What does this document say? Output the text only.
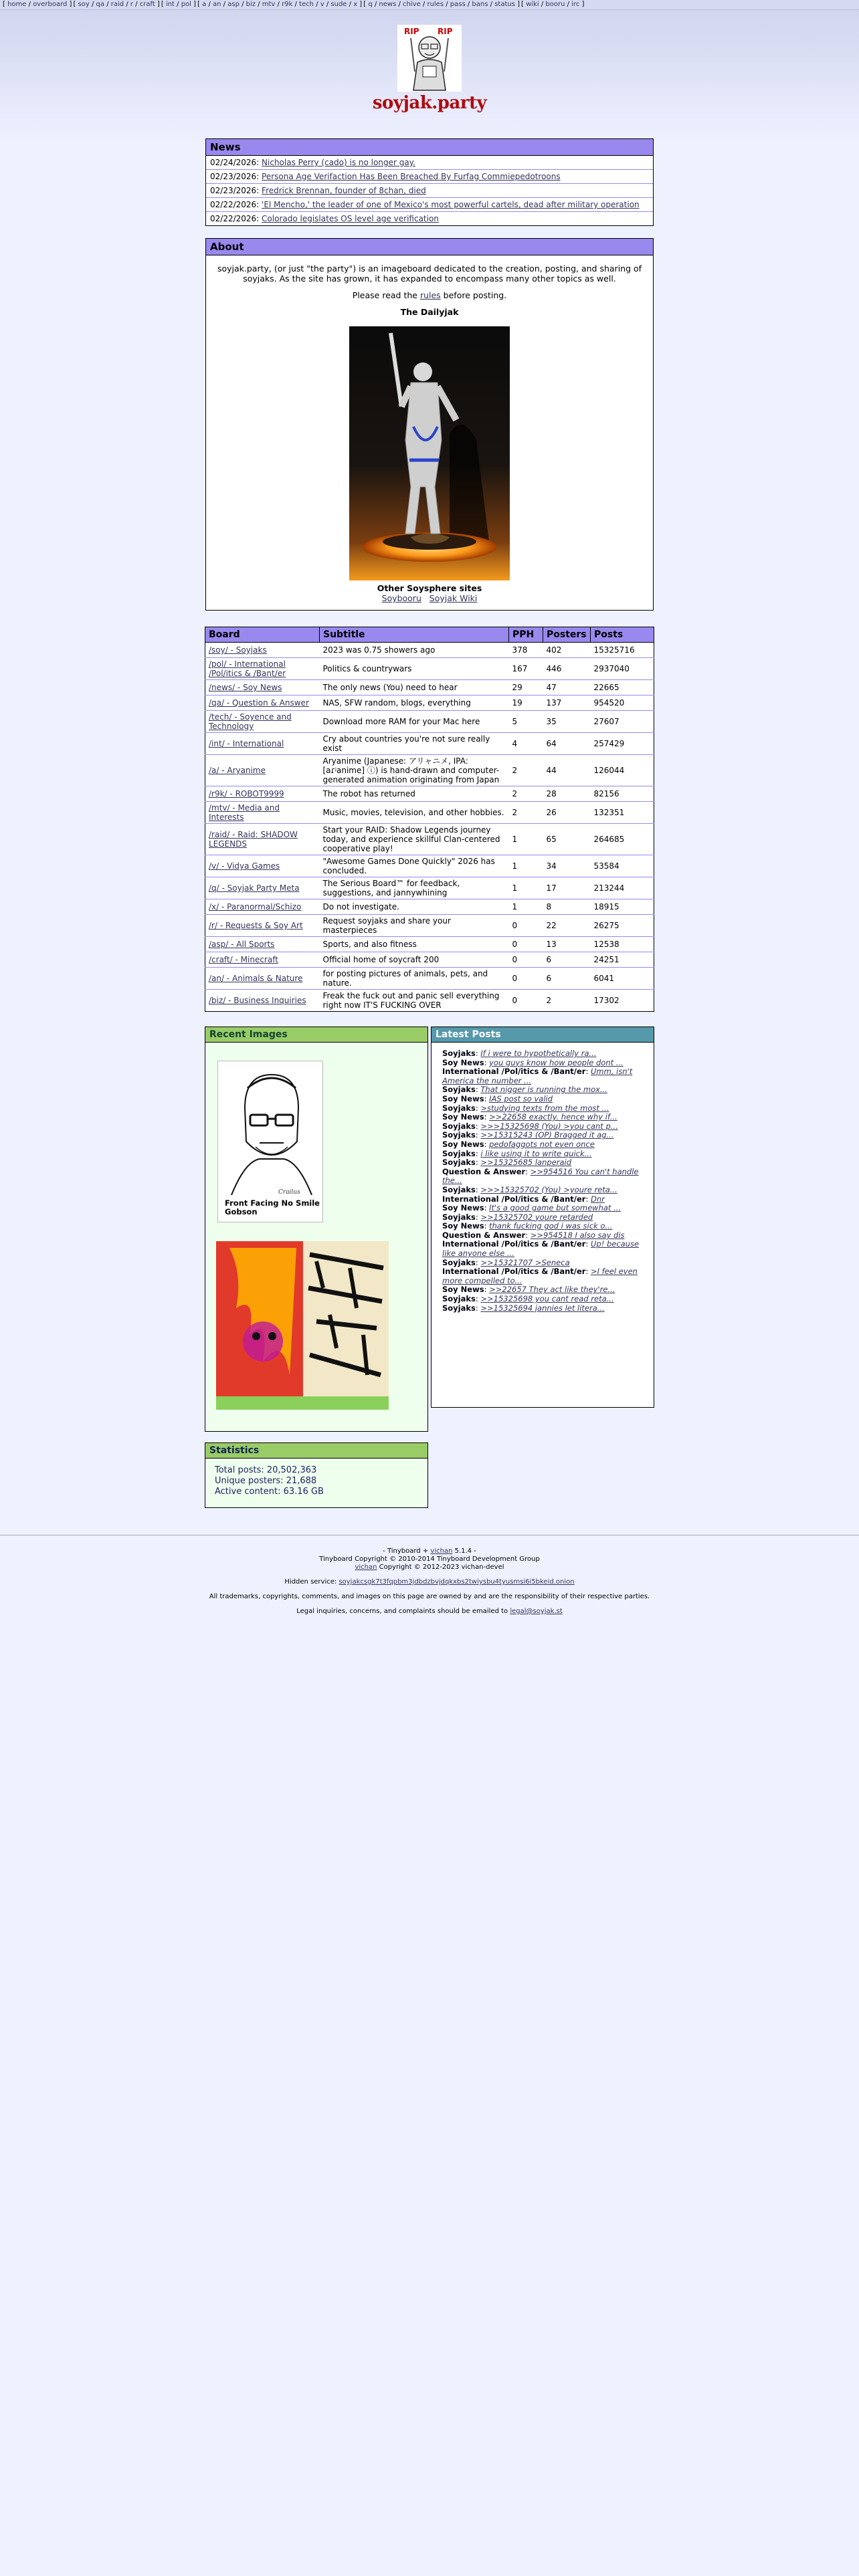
[ home / overboard ] [ soy / qa / raid / r / craft ] [ int / pol ] [ a / an / asp / biz / mtv / r9k / tech / v / sude / x ] [ q / news / chive / rules / pass / bans / status ] [ wiki / booru / irc ]
RIP RIP
soyjak.party
News
02/24/2026: Nicholas Perry (cado) is no longer gay.
02/23/2026: Persona Age Verifaction Has Been Breached By Furfag Commiepedotroons
02/23/2026: Fredrick Brennan, founder of 8chan, died
02/22/2026: 'El Mencho,' the leader of one of Mexico's most powerful cartels, dead after military operation
02/22/2026: Colorado legislates OS level age verification
About

soyjak.party, (or just "the party") is an imageboard dedicated to the creation, posting, and sharing of soyjaks. As the site has grown, it has expanded to encompass many other topics as well.

Please read the rules before posting.

The Dailyjak
Other Soysphere sites
Soybooru Soyjak Wiki
Board	Subtitle	PPH	Posters	Posts
/soy/ - Soyjaks	2023 was 0.75 showers ago	378	402	15325716
/pol/ - International /Pol/itics & /Bant/er	Politics & countrywars	167	446	2937040
/news/ - Soy News	The only news (You) need to hear	29	47	22665
/qa/ - Question & Answer	NAS, SFW random, blogs, everything	19	137	954520
/tech/ - Soyence and Technology	Download more RAM for your Mac here	5	35	27607
/int/ - International	Cry about countries you're not sure really exist	4	64	257429
/a/ - Aryanime	Aryanime (Japanese: アリャニメ, IPA: [aɾʲanime] ⓘ) is hand-drawn and computer-generated animation originating from Japan	2	44	126044
/r9k/ - ROBOT9999	The robot has returned	2	28	82156
/mtv/ - Media and Interests	Music, movies, television, and other hobbies.	2	26	132351
/raid/ - Raid: SHADOW LEGENDS	Start your RAID: Shadow Legends journey today, and experience skillful Clan-centered cooperative play!	1	65	264685
/v/ - Vidya Games	"Awesome Games Done Quickly" 2026 has concluded.	1	34	53584
/q/ - Soyjak Party Meta	The Serious Board™ for feedback, suggestions, and jannywhining	1	17	213244
/x/ - Paranormal/Schizo	Do not investigate.	1	8	18915
/r/ - Requests & Soy Art	Request soyjaks and share your masterpieces	0	22	26275
/asp/ - All Sports	Sports, and also fitness	0	13	12538
/craft/ - Minecraft	Official home of soycraft 200	0	6	24251
/an/ - Animals & Nature	for posting pictures of animals, pets, and nature.	0	6	6041
/biz/ - Business Inquiries	Freak the fuck out and panic sell everything right now IT'S FUCKING OVER	0	2	17302
Recent Images
Crailus
Front Facing No Smile Gobson
Latest Posts
Soyjaks: If i were to hypothetically ra...
Soy News: you guys know how people dont ...
International /Pol/itics & /Bant/er: Umm, isn't America the number ...
Soyjaks: That nigger is running the mox...
Soy News: IAS post so valid
Soyjaks: >studying texts from the most ...
Soy News: >>22658 exactly. hence why if...
Soyjaks: >>>15325698 (You) >you cant p...
Soyjaks: >>15315243 (OP) Bragged it ag...
Soy News: pedofaggots not even once
Soyjaks: i like using it to write quick...
Soyjaks: >>15325685 lanperaid
Question & Answer: >>954516 You can't handle the...
Soyjaks: >>>15325702 (You) >youre reta...
International /Pol/itics & /Bant/er: Dnr
Soy News: It's a good game but somewhat ...
Soyjaks: >>15325702 youre retarded
Soy News: thank fucking god i was sick o...
Question & Answer: >>954518 I also say dis
International /Pol/itics & /Bant/er: Up! because like anyone else ...
Soyjaks: >>15321707 >Seneca
International /Pol/itics & /Bant/er: >I feel even more compelled to...
Soy News: >>22657 They act like they're...
Soyjaks: >>15325698 you cant read reta...
Soyjaks: >>15325694 jannies let litera...
Statistics
Total posts: 20,502,363
Unique posters: 21,688
Active content: 63.16 GB
- Tinyboard + vichan 5.1.4 -
Tinyboard Copyright © 2010-2014 Tinyboard Development Group
vichan Copyright © 2012-2023 vichan-devel
Hidden service: soyjakcsgk7t3fqpbm3jdbdzbvjdqkxbs2twiysbu4tyusmsi6i5bkeid.onion
All trademarks, copyrights, comments, and images on this page are owned by and are the responsibility of their respective parties.
Legal inquiries, concerns, and complaints should be emailed to legal@soyjak.st
